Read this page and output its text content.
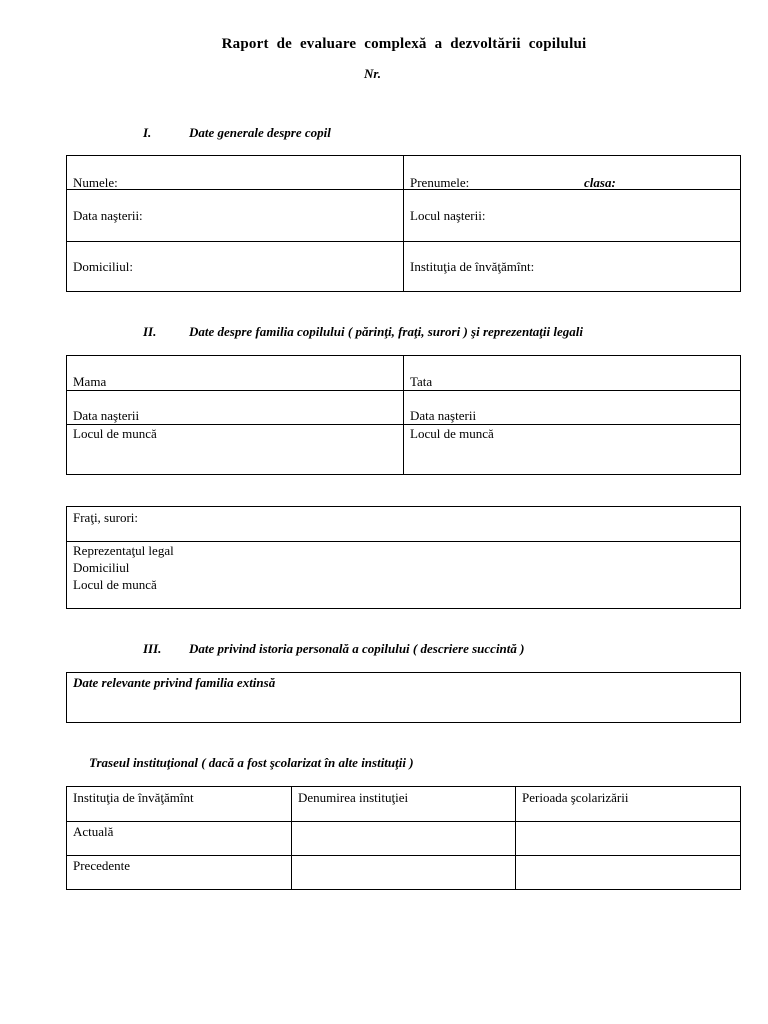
Raport de evaluare complexă a dezvoltării copilului
Nr.
I.	Date generale despre copil
Numele:	Prenumele:	clasa:
Data naşterii:	Locul naşterii:
Domiciliul:	Instituţia de învăţămînt:
II.	Date despre familia copilului ( părinţi, fraţi, surori ) şi reprezentaţii legali
Mama	Tata
Data naşterii	Data naşterii
Locul de muncă	Locul de muncă
Fraţi, surori:
Reprezentaţul legal
Domiciliul
Locul de muncă
III. Date privind istoria personală a copilului ( descriere succintă )
Date relevante privind familia extinsă
Traseul instituţional ( dacă a fost şcolarizat în alte instituţii )
Instituţia de învăţămînt	Denumirea instituţiei	Perioada şcolarizării
Actuală
Precedente
